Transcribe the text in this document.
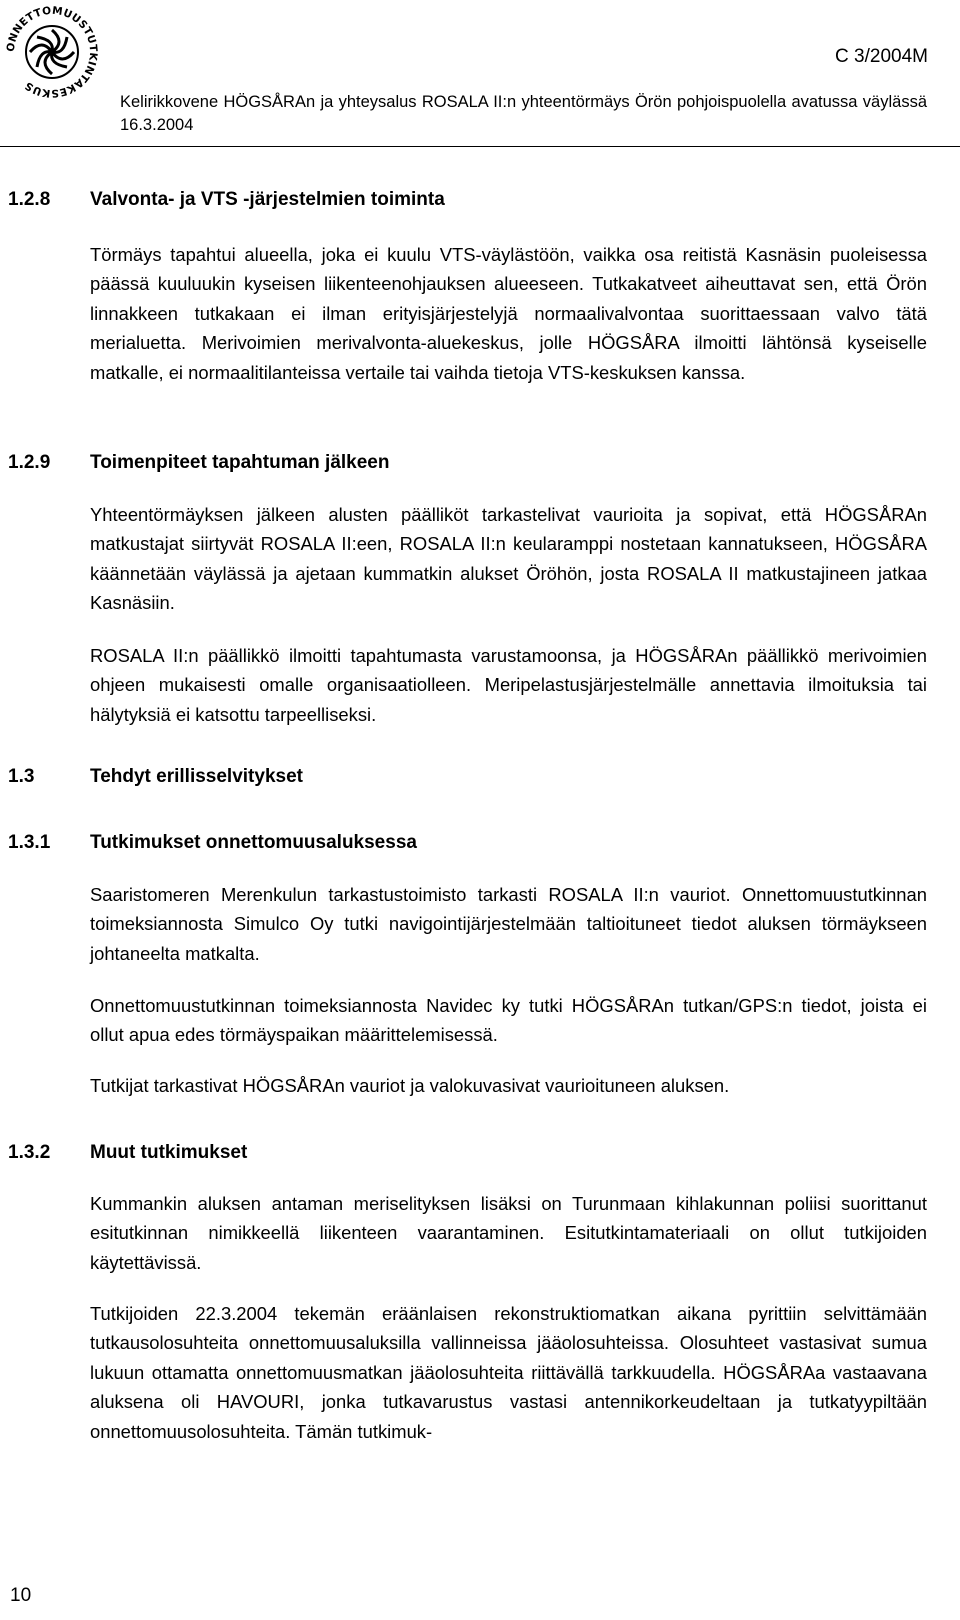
ONNETTOMUUSTUTKINTAKESKUS
C 3/2004M
Kelirikkovene HÖGSÅRAn ja yhteysalus ROSALA II:n yhteentörmäys Örön pohjoispuolella avatussa väylässä 16.3.2004
1.2.8 Valvonta- ja VTS -järjestelmien toiminta

Törmäys tapahtui alueella, joka ei kuulu VTS-väylästöön, vaikka osa reitistä Kasnäsin puoleisessa päässä kuuluukin kyseisen liikenteenohjauksen alueeseen. Tutkakatveet aiheuttavat sen, että Örön linnakkeen tutkakaan ei ilman erityisjärjestelyjä normaalivalvontaa suorittaessaan valvo tätä merialuetta. Merivoimien merivalvonta-aluekeskus, jolle HÖGSÅRA ilmoitti lähtönsä kyseiselle matkalle, ei normaalitilanteissa vertaile tai vaihda tietoja VTS-keskuksen kanssa.

1.2.9 Toimenpiteet tapahtuman jälkeen

Yhteentörmäyksen jälkeen alusten päälliköt tarkastelivat vaurioita ja sopivat, että HÖGSÅRAn matkustajat siirtyvät ROSALA II:een, ROSALA II:n keularamppi nostetaan kannatukseen, HÖGSÅRA käännetään väylässä ja ajetaan kummatkin alukset Öröhön, josta ROSALA II matkustajineen jatkaa Kasnäsiin.

ROSALA II:n päällikkö ilmoitti tapahtumasta varustamoonsa, ja HÖGSÅRAn päällikkö merivoimien ohjeen mukaisesti omalle organisaatiolleen. Meripelastusjärjestelmälle annettavia ilmoituksia tai hälytyksiä ei katsottu tarpeelliseksi.

1.3	Tehdyt erillisselvitykset
1.3.1 Tutkimukset onnettomuusaluksessa

Saaristomeren Merenkulun tarkastustoimisto tarkasti ROSALA II:n vauriot. Onnettomuustutkinnan toimeksiannosta Simulco Oy tutki navigointijärjestelmään taltioituneet tiedot aluksen törmäykseen johtaneelta matkalta.

Onnettomuustutkinnan toimeksiannosta Navidec ky tutki HÖGSÅRAn tutkan/GPS:n tiedot, joista ei ollut apua edes törmäyspaikan määrittelemisessä.

Tutkijat tarkastivat HÖGSÅRAn vauriot ja valokuvasivat vaurioituneen aluksen.

1.3.2 Muut tutkimukset

Kummankin aluksen antaman meriselityksen lisäksi on Turunmaan kihlakunnan poliisi suorittanut esitutkinnan nimikkeellä liikenteen vaarantaminen. Esitutkintamateriaali on ollut tutkijoiden käytettävissä.

Tutkijoiden 22.3.2004 tekemän eräänlaisen rekonstruktiomatkan aikana pyrittiin selvittämään tutkausolosuhteita onnettomuusaluksilla vallinneissa jääolosuhteissa. Olosuhteet vastasivat sumua lukuun ottamatta onnettomuusmatkan jääolosuhteita riittävällä tarkkuudella. HÖGSÅRAa vastaavana aluksena oli HAVOURI, jonka tutkavarustus vastasi antennikorkeudeltaan ja tutkatyypiltään onnettomuusolosuhteita. Tämän tutkimuk-

10
